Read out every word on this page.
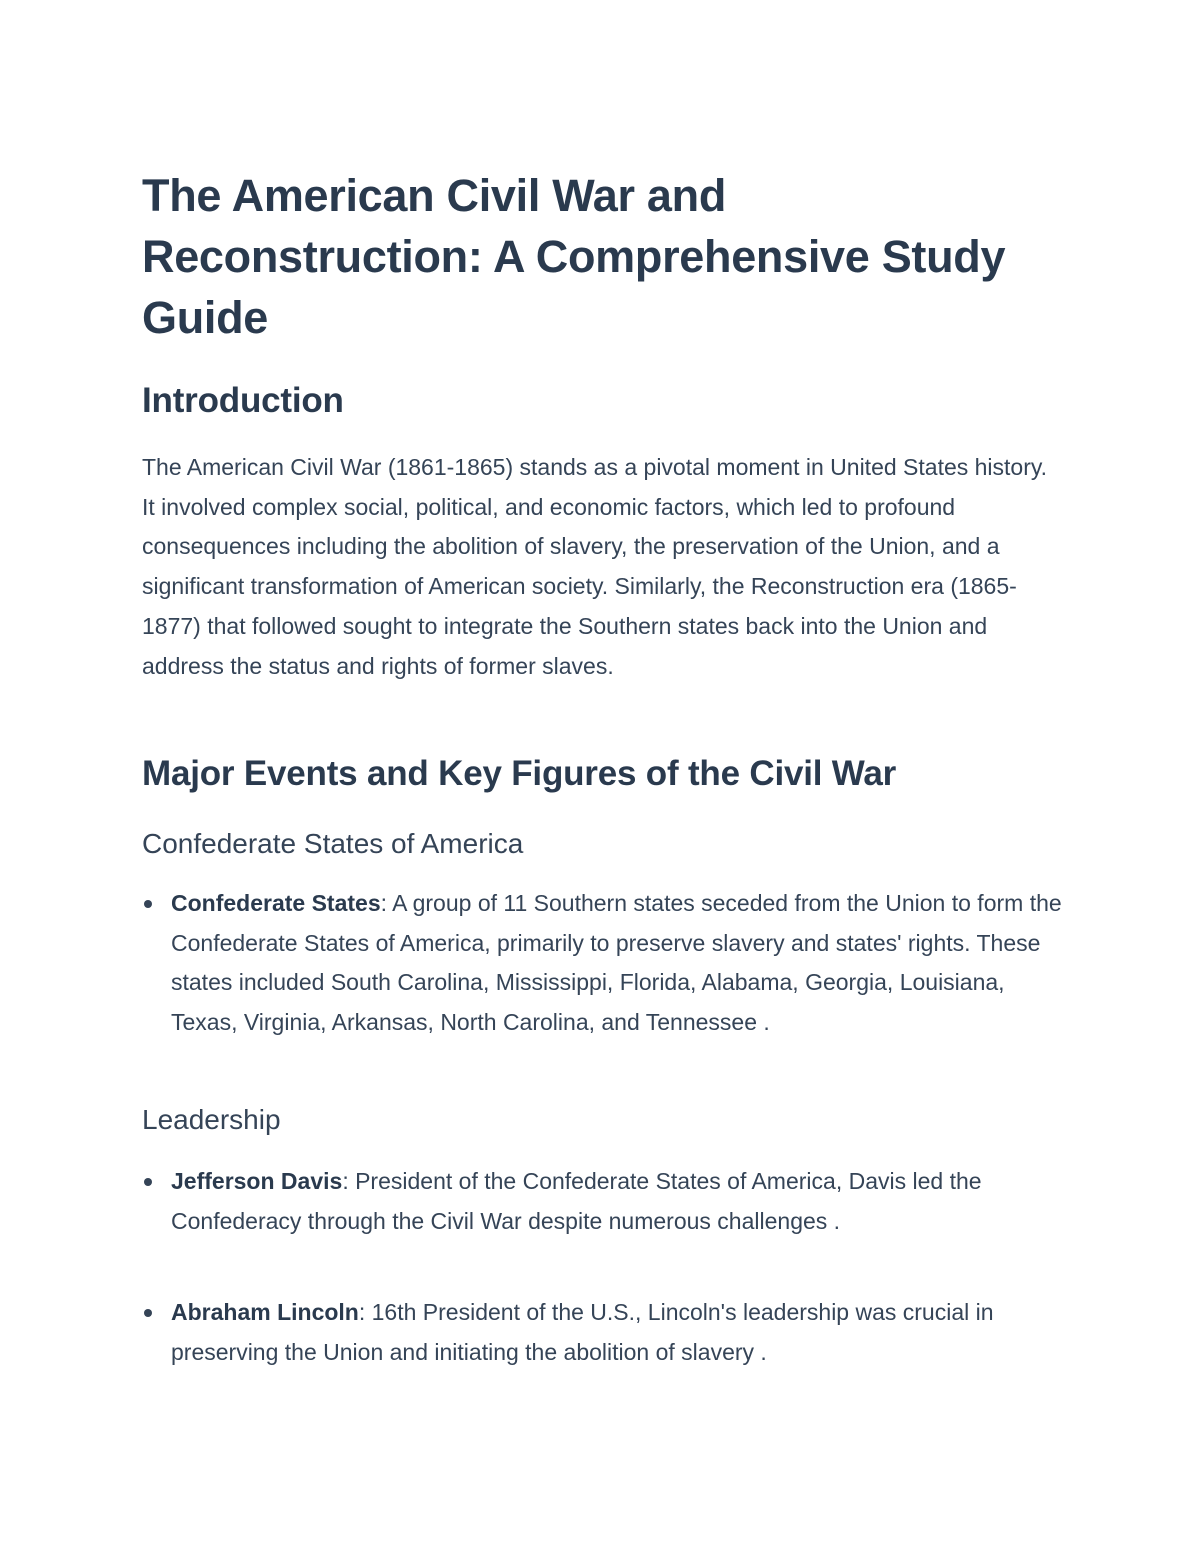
The American Civil War and Reconstruction: A Comprehensive Study Guide
Introduction

The American Civil War (1861-1865) stands as a pivotal moment in United States history. It involved complex social, political, and economic factors, which led to profound consequences including the abolition of slavery, the preservation of the Union, and a significant transformation of American society. Similarly, the Reconstruction era (1865-1877) that followed sought to integrate the Southern states back into the Union and address the status and rights of former slaves.

Major Events and Key Figures of the Civil War
Confederate States of America
Confederate States: A group of 11 Southern states seceded from the Union to form the Confederate States of America, primarily to preserve slavery and states' rights. These states included South Carolina, Mississippi, Florida, Alabama, Georgia, Louisiana, Texas, Virginia, Arkansas, North Carolina, and Tennessee .
Leadership
Jefferson Davis: President of the Confederate States of America, Davis led the Confederacy through the Civil War despite numerous challenges .
Abraham Lincoln: 16th President of the U.S., Lincoln's leadership was crucial in preserving the Union and initiating the abolition of slavery .
